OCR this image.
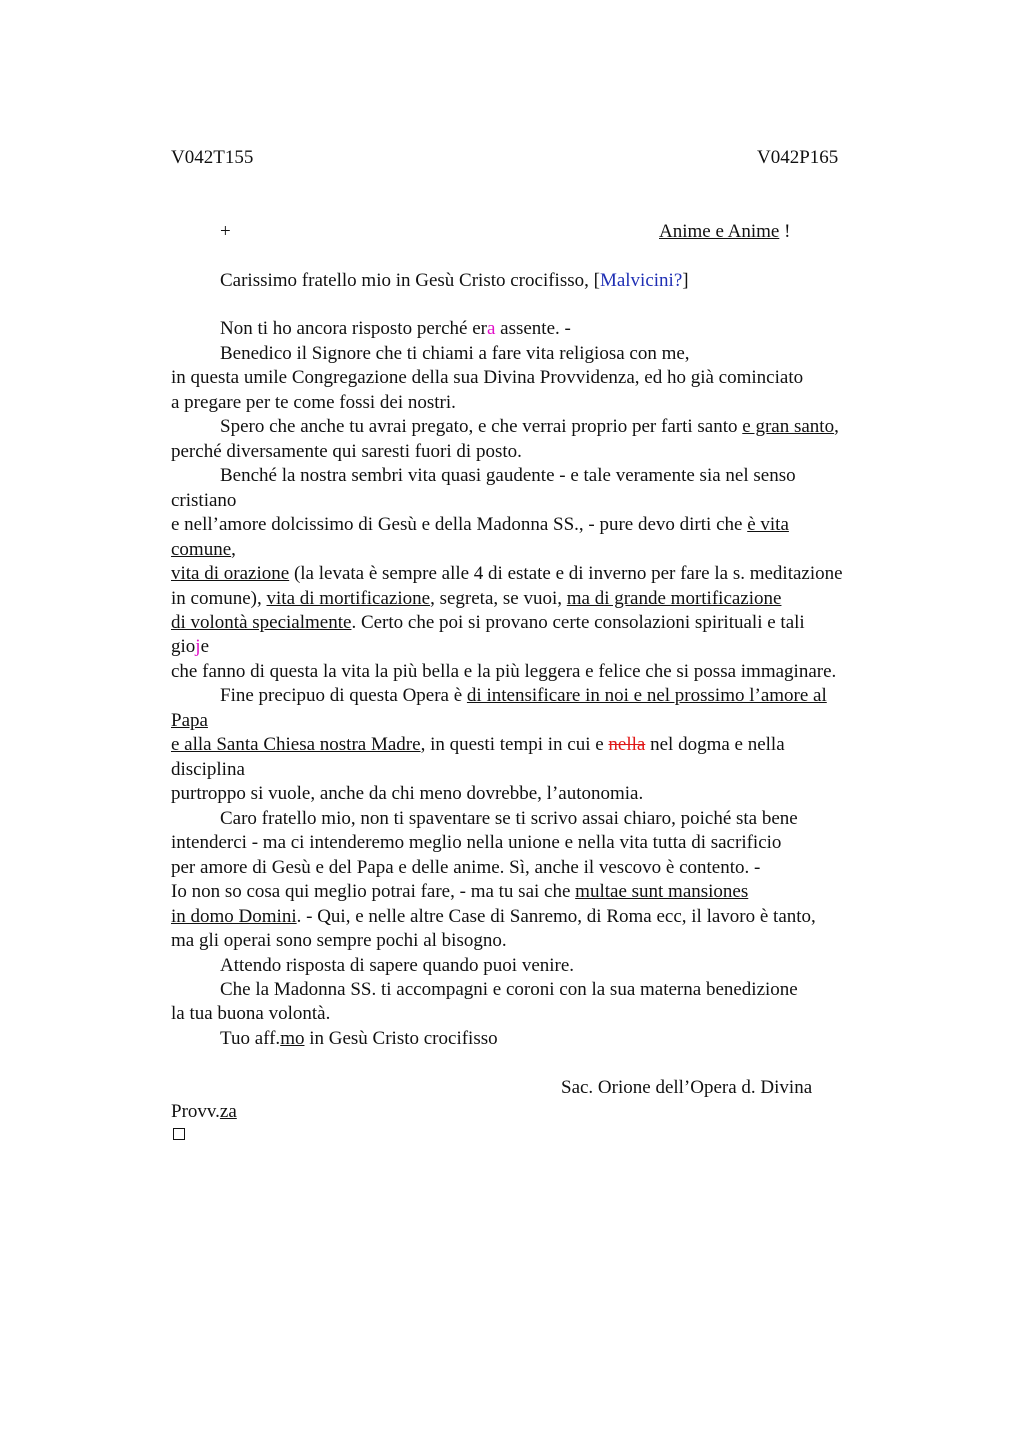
V042T155	V042P165
+	Anime e Anime !
Carissimo fratello mio in Gesù Cristo crocifisso, [Malvicini?]
Non ti ho ancora risposto perché era assente. -
Benedico il Signore che ti chiami a fare vita religiosa con me,
in questa umile Congregazione della sua Divina Provvidenza, ed ho già cominciato
a pregare per te come fossi dei nostri.
Spero che anche tu avrai pregato, e che verrai proprio per farti santo e gran santo,
perché diversamente qui saresti fuori di posto.
Benché la nostra sembri vita quasi gaudente - e tale veramente sia nel senso
cristiano
e nell’amore dolcissimo di Gesù e della Madonna SS., - pure devo dirti che è vita
comune,
vita di orazione (la levata è sempre alle 4 di estate e di inverno per fare la s. meditazione
in comune), vita di mortificazione, segreta, se vuoi, ma di grande mortificazione
di volontà specialmente. Certo che poi si provano certe consolazioni spirituali e tali
gioje
che fanno di questa la vita la più bella e la più leggera e felice che si possa immaginare.
Fine precipuo di questa Opera è di intensificare in noi e nel prossimo l’amore al
Papa
e alla Santa Chiesa nostra Madre, in questi tempi in cui e nella nel dogma e nella
disciplina
purtroppo si vuole, anche da chi meno dovrebbe, l’autonomia.
Caro fratello mio, non ti spaventare se ti scrivo assai chiaro, poiché sta bene
intenderci - ma ci intenderemo meglio nella unione e nella vita tutta di sacrificio
per amore di Gesù e del Papa e delle anime. Sì, anche il vescovo è contento. -
Io non so cosa qui meglio potrai fare, - ma tu sai che multae sunt mansiones
in domo Domini. - Qui, e nelle altre Case di Sanremo, di Roma ecc, il lavoro è tanto,
ma gli operai sono sempre pochi al bisogno.
Attendo risposta di sapere quando puoi venire.
Che la Madonna SS. ti accompagni e coroni con la sua materna benedizione
la tua buona volontà.
Tuo aff.mo in Gesù Cristo crocifisso
Sac. Orione dell’Opera d. Divina
Provv.za
